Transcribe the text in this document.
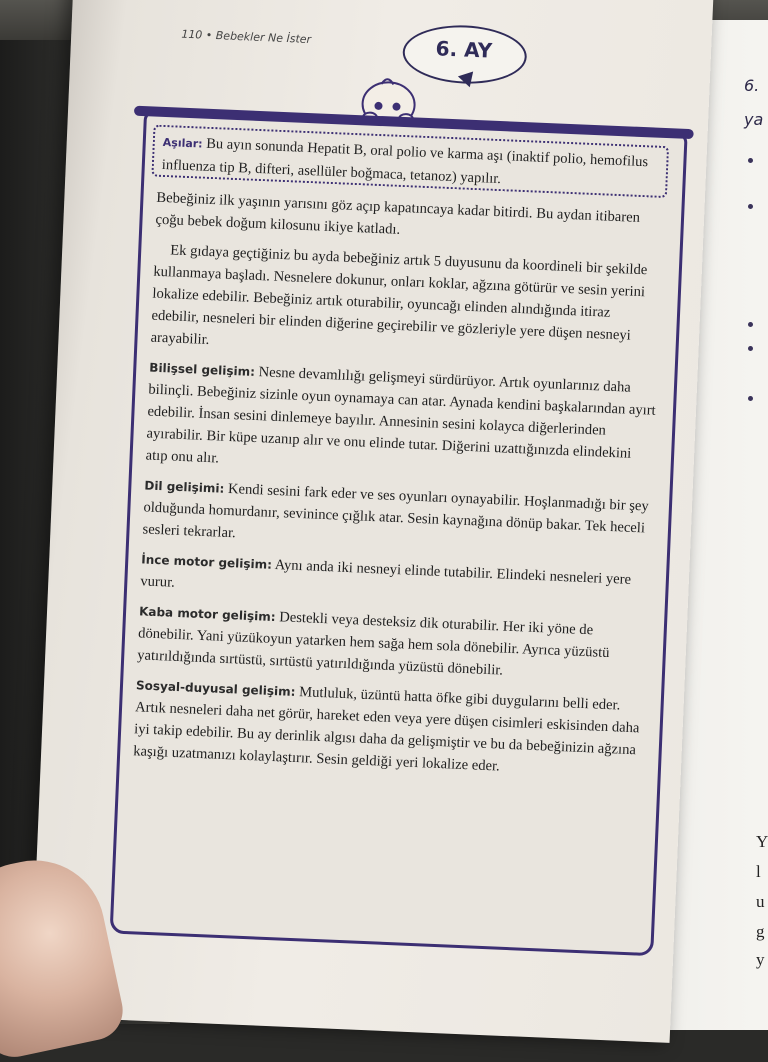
6.
ya
Y
l
u
g
y
110 • Bebekler Ne İster	6. AY
Aşılar: Bu ayın sonunda Hepatit B, oral polio ve karma aşı (inaktif polio, hemofilus influenza tip B, difteri, asellüler boğmaca, tetanoz) yapılır.

Bebeğiniz ilk yaşının yarısını göz açıp kapatıncaya kadar bitirdi. Bu aydan itibaren çoğu bebek doğum kilosunu ikiye katladı.

Ek gıdaya geçtiğiniz bu ayda bebeğiniz artık 5 duyusunu da koordineli bir şekilde kullanmaya başladı. Nesnelere dokunur, onları koklar, ağzına götürür ve sesin yerini lokalize edebilir. Bebeğiniz artık oturabilir, oyuncağı elinden alındığında itiraz edebilir, nesneleri bir elinden diğerine geçirebilir ve gözleriyle yere düşen nesneyi arayabilir.

Bilişsel gelişim: Nesne devamlılığı gelişmeyi sürdürüyor. Artık oyunlarınız daha bilinçli. Bebeğiniz sizinle oyun oynamaya can atar. Aynada kendini başkalarından ayırt edebilir. İnsan sesini dinlemeye bayılır. Annesinin sesini kolayca diğerlerinden ayırabilir. Bir küpe uzanıp alır ve onu elinde tutar. Diğerini uzattığınızda elindekini atıp onu alır.

Dil gelişimi: Kendi sesini fark eder ve ses oyunları oynayabilir. Hoşlanmadığı bir şey olduğunda homurdanır, sevinince çığlık atar. Sesin kaynağına dönüp bakar. Tek heceli sesleri tekrarlar.

İnce motor gelişim: Aynı anda iki nesneyi elinde tutabilir. Elindeki nesneleri yere vurur.

Kaba motor gelişim: Destekli veya desteksiz dik oturabilir. Her iki yöne de dönebilir. Yani yüzükoyun yatarken hem sağa hem sola dönebilir. Ayrıca yüzüstü yatırıldığında sırtüstü, sırtüstü yatırıldığında yüzüstü dönebilir.

Sosyal-duyusal gelişim: Mutluluk, üzüntü hatta öfke gibi duygularını belli eder. Artık nesneleri daha net görür, hareket eden veya yere düşen cisimleri eskisinden daha iyi takip edebilir. Bu ay derinlik algısı daha da gelişmiştir ve bu da bebeğinizin ağzına kaşığı uzatmanızı kolaylaştırır. Sesin geldiği yeri lokalize eder.
